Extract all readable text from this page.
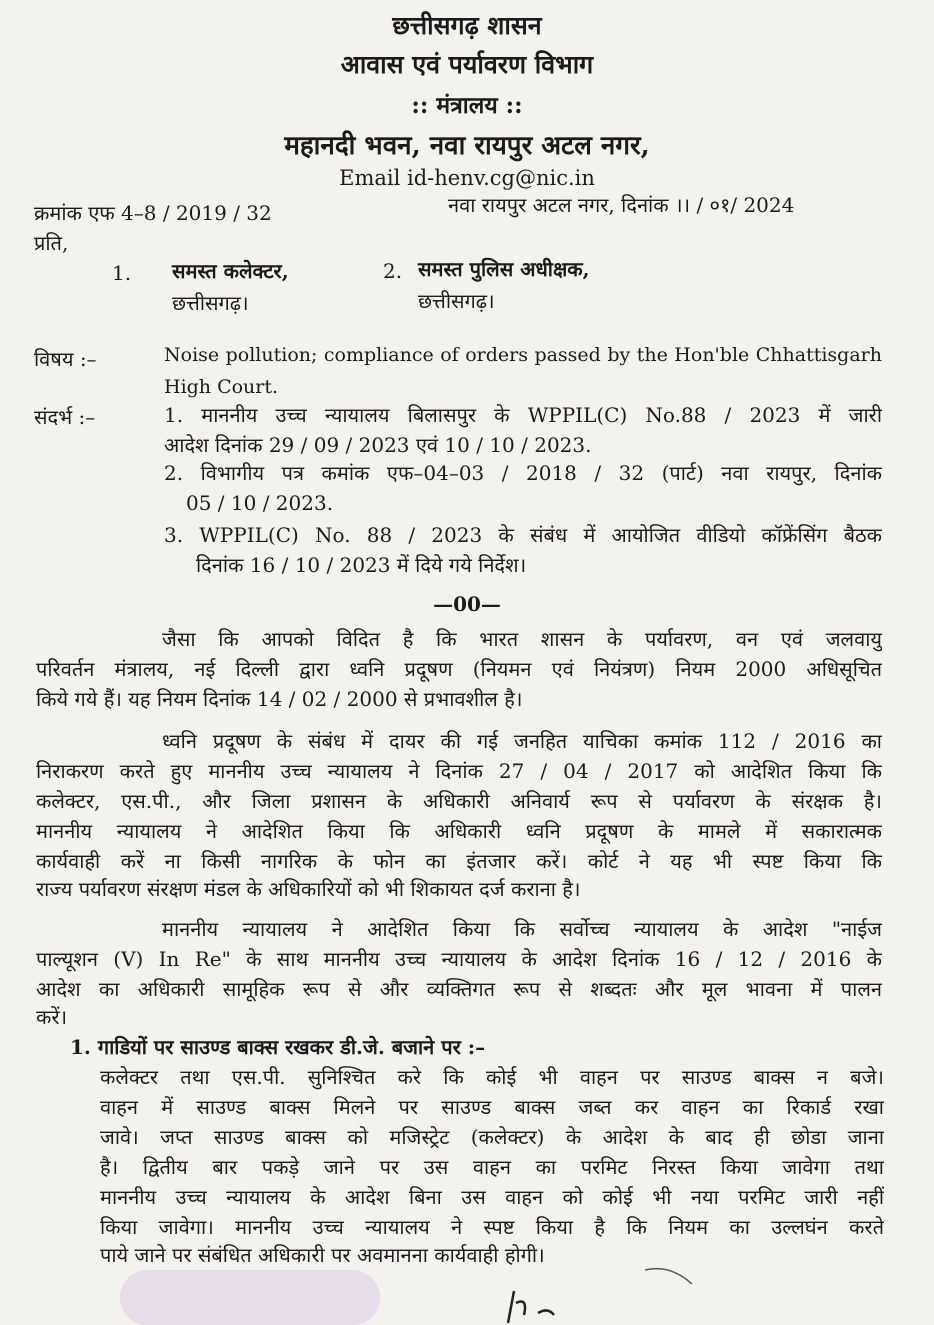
छत्तीसगढ़ शासन
आवास एवं पर्यावरण विभाग
:: मंत्रालय ::
महानदी भवन, नवा रायपुर अटल नगर,
Email id-henv.cg@nic.in
क्रमांक एफ 4–8 / 2019 / 32	नवा रायपुर अटल नगर, दिनांक ।। / ०१/ 2024
प्रति,
1. समस्त कलेक्टर,
छत्तीसगढ़।
2. समस्त पुलिस अधीक्षक,
छत्तीसगढ़।
विषय :–	Noise pollution; compliance of orders passed by the Hon'ble Chhattisgarh
High Court.
संदर्भ :–	1. माननीय उच्च न्यायालय बिलासपुर के WPPIL(C) No.88 / 2023 में जारी
आदेश दिनांक 29 / 09 / 2023 एवं 10 / 10 / 2023.
2. विभागीय पत्र कमांक एफ–04–03 / 2018 / 32 (पार्ट) नवा रायपुर, दिनांक
05 / 10 / 2023.
3. WPPIL(C) No. 88 / 2023 के संबंध में आयोजित वीडियो कॉफ्रेंसिंग बैठक
दिनांक 16 / 10 / 2023 में दिये गये निर्देश।
—00—
जैसा कि आपको विदित है कि भारत शासन के पर्यावरण, वन एवं जलवायु
परिवर्तन मंत्रालय, नई दिल्ली द्वारा ध्वनि प्रदूषण (नियमन एवं नियंत्रण) नियम 2000 अधिसूचित
किये गये हैं। यह नियम दिनांक 14 / 02 / 2000 से प्रभावशील है।
ध्वनि प्रदूषण के संबंध में दायर की गई जनहित याचिका कमांक 112 / 2016 का
निराकरण करते हुए माननीय उच्च न्यायालय ने दिनांक 27 / 04 / 2017 को आदेशित किया कि
कलेक्टर, एस.पी., और जिला प्रशासन के अधिकारी अनिवार्य रूप से पर्यावरण के संरक्षक है।
माननीय न्यायालय ने आदेशित किया कि अधिकारी ध्वनि प्रदूषण के मामले में सकारात्मक
कार्यवाही करें ना किसी नागरिक के फोन का इंतजार करें। कोर्ट ने यह भी स्पष्ट किया कि
राज्य पर्यावरण संरक्षण मंडल के अधिकारियों को भी शिकायत दर्ज कराना है।
माननीय न्यायालय ने आदेशित किया कि सर्वोच्च न्यायालय के आदेश "नाईज
पाल्यूशन (V) In Re" के साथ माननीय उच्च न्यायालय के आदेश दिनांक 16 / 12 / 2016 के
आदेश का अधिकारी सामूहिक रूप से और व्यक्तिगत रूप से शब्दतः और मूल भावना में पालन
करें।
1. गाडियों पर साउण्ड बाक्स रखकर डी.जे. बजाने पर :–
कलेक्टर तथा एस.पी. सुनिश्चित करे कि कोई भी वाहन पर साउण्ड बाक्स न बजे।
वाहन में साउण्ड बाक्स मिलने पर साउण्ड बाक्स जब्त कर वाहन का रिकार्ड रखा
जावे। जप्त साउण्ड बाक्स को मजिस्ट्रेट (कलेक्टर) के आदेश के बाद ही छोडा जाना
है। द्वितीय बार पकड़े जाने पर उस वाहन का परमिट निरस्त किया जावेगा तथा
माननीय उच्च न्यायालय के आदेश बिना उस वाहन को कोई भी नया परमिट जारी नहीं
किया जावेगा। माननीय उच्च न्यायालय ने स्पष्ट किया है कि नियम का उल्लघंन करते
पाये जाने पर संबंधित अधिकारी पर अवमानना कार्यवाही होगी।
